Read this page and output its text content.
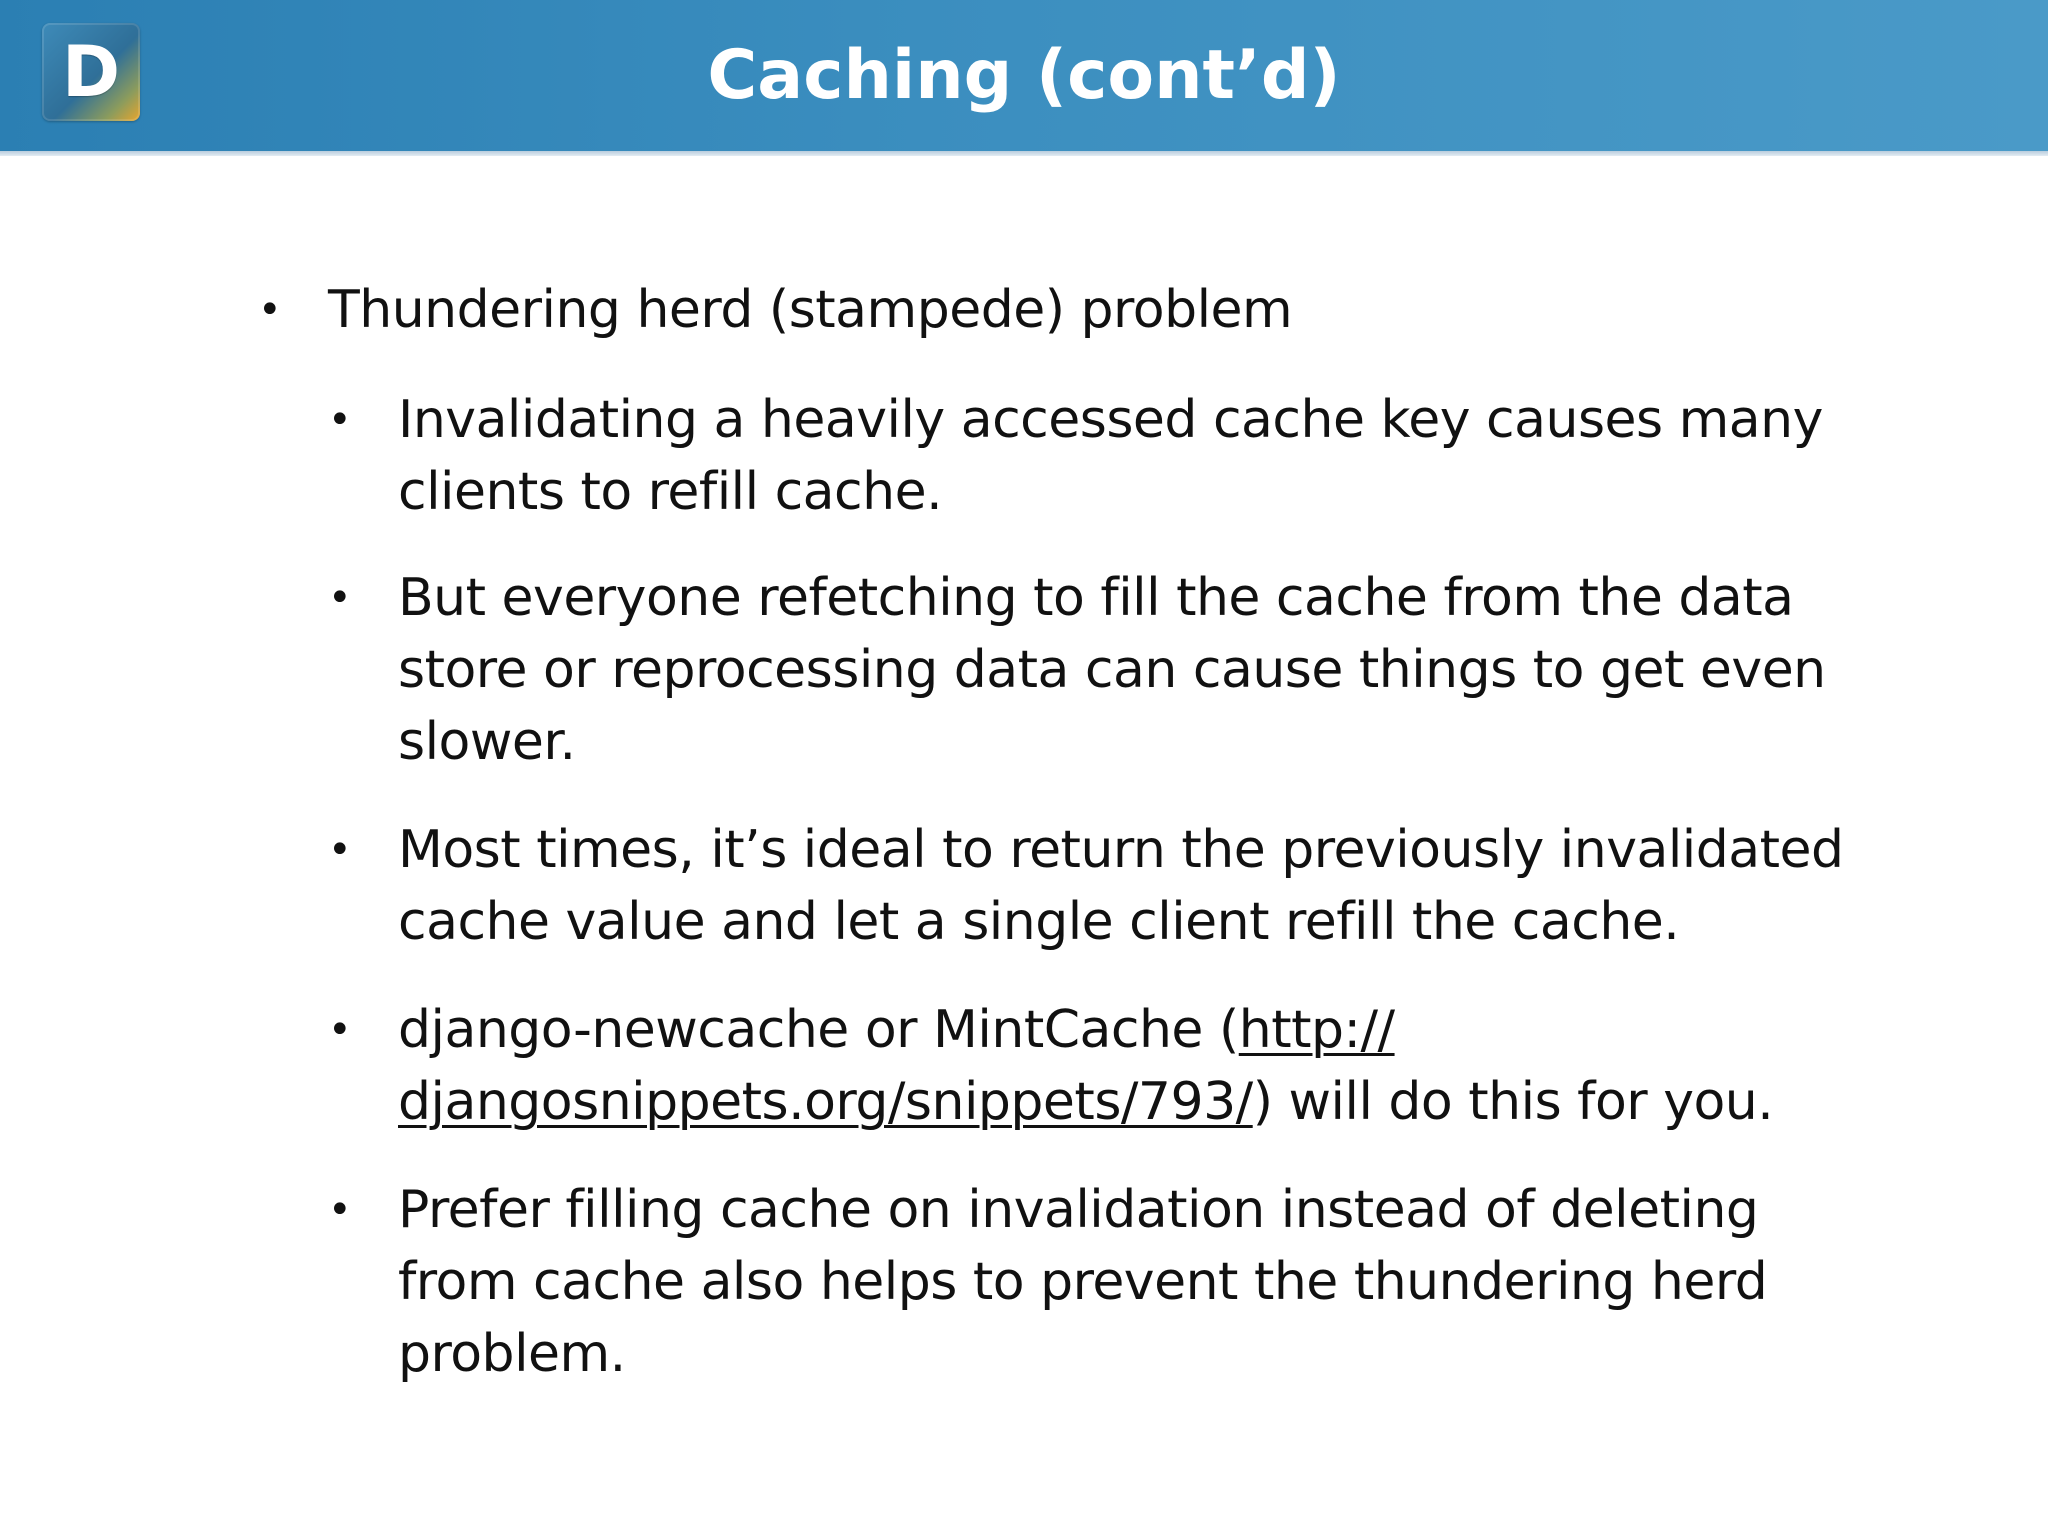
D	Caching (cont’d)
• Thundering herd (stampede) problem
• Invalidating a heavily accessed cache key causes many
clients to refill cache.
• But everyone refetching to fill the cache from the data
store or reprocessing data can cause things to get even
slower.
• Most times, it’s ideal to return the previously invalidated
cache value and let a single client refill the cache.
• django-newcache or MintCache (http://
djangosnippets.org/snippets/793/) will do this for you.
• Prefer filling cache on invalidation instead of deleting
from cache also helps to prevent the thundering herd
problem.
